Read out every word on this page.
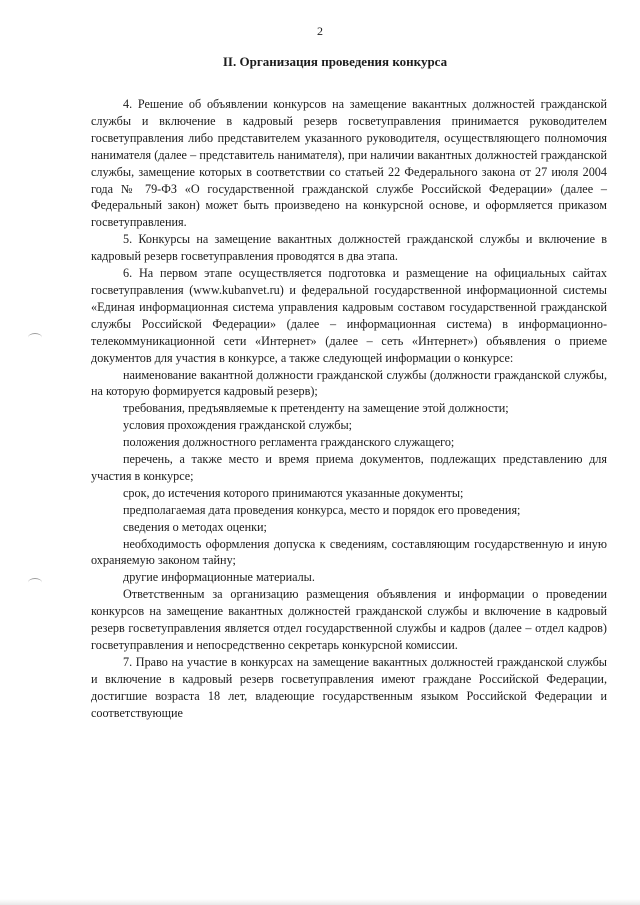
2
II. Организация проведения конкурса

4. Решение об объявлении конкурсов на замещение вакантных должностей гражданской службы и включение в кадровый резерв госветуправления принимается руководителем госветуправления либо представителем указанного руководителя, осуществляющего полномочия нанимателя (далее – представитель нанимателя), при наличии вакантных должностей гражданской службы, замещение которых в соответствии со статьей 22 Федерального закона от 27 июля 2004 года № 79-ФЗ «О государственной гражданской службе Российской Федерации» (далее – Федеральный закон) может быть произведено на конкурсной основе, и оформляется приказом госветуправления.

5. Конкурсы на замещение вакантных должностей гражданской службы и включение в кадровый резерв госветуправления проводятся в два этапа.

6. На первом этапе осуществляется подготовка и размещение на официальных сайтах госветуправления (www.kubanvet.ru) и федеральной государственной информационной системы «Единая информационная система управления кадровым составом государственной гражданской службы Российской Федерации» (далее – информационная система) в информационно-телекоммуникационной сети «Интернет» (далее – сеть «Интернет») объявления о приеме документов для участия в конкурсе, а также следующей информации о конкурсе:

наименование вакантной должности гражданской службы (должности гражданской службы, на которую формируется кадровый резерв);

требования, предъявляемые к претенденту на замещение этой должности;

условия прохождения гражданской службы;

положения должностного регламента гражданского служащего;

перечень, а также место и время приема документов, подлежащих представлению для участия в конкурсе;

срок, до истечения которого принимаются указанные документы;

предполагаемая дата проведения конкурса, место и порядок его проведения;

сведения о методах оценки;

необходимость оформления допуска к сведениям, составляющим государственную и иную охраняемую законом тайну;

другие информационные материалы.

Ответственным за организацию размещения объявления и информации о проведении конкурсов на замещение вакантных должностей гражданской службы и включение в кадровый резерв госветуправления является отдел государственной службы и кадров (далее – отдел кадров) госветуправления и непосредственно секретарь конкурсной комиссии.

7. Право на участие в конкурсах на замещение вакантных должностей гражданской службы и включение в кадровый резерв госветуправления имеют граждане Российской Федерации, достигшие возраста 18 лет, владеющие государственным языком Российской Федерации и соответствующие
